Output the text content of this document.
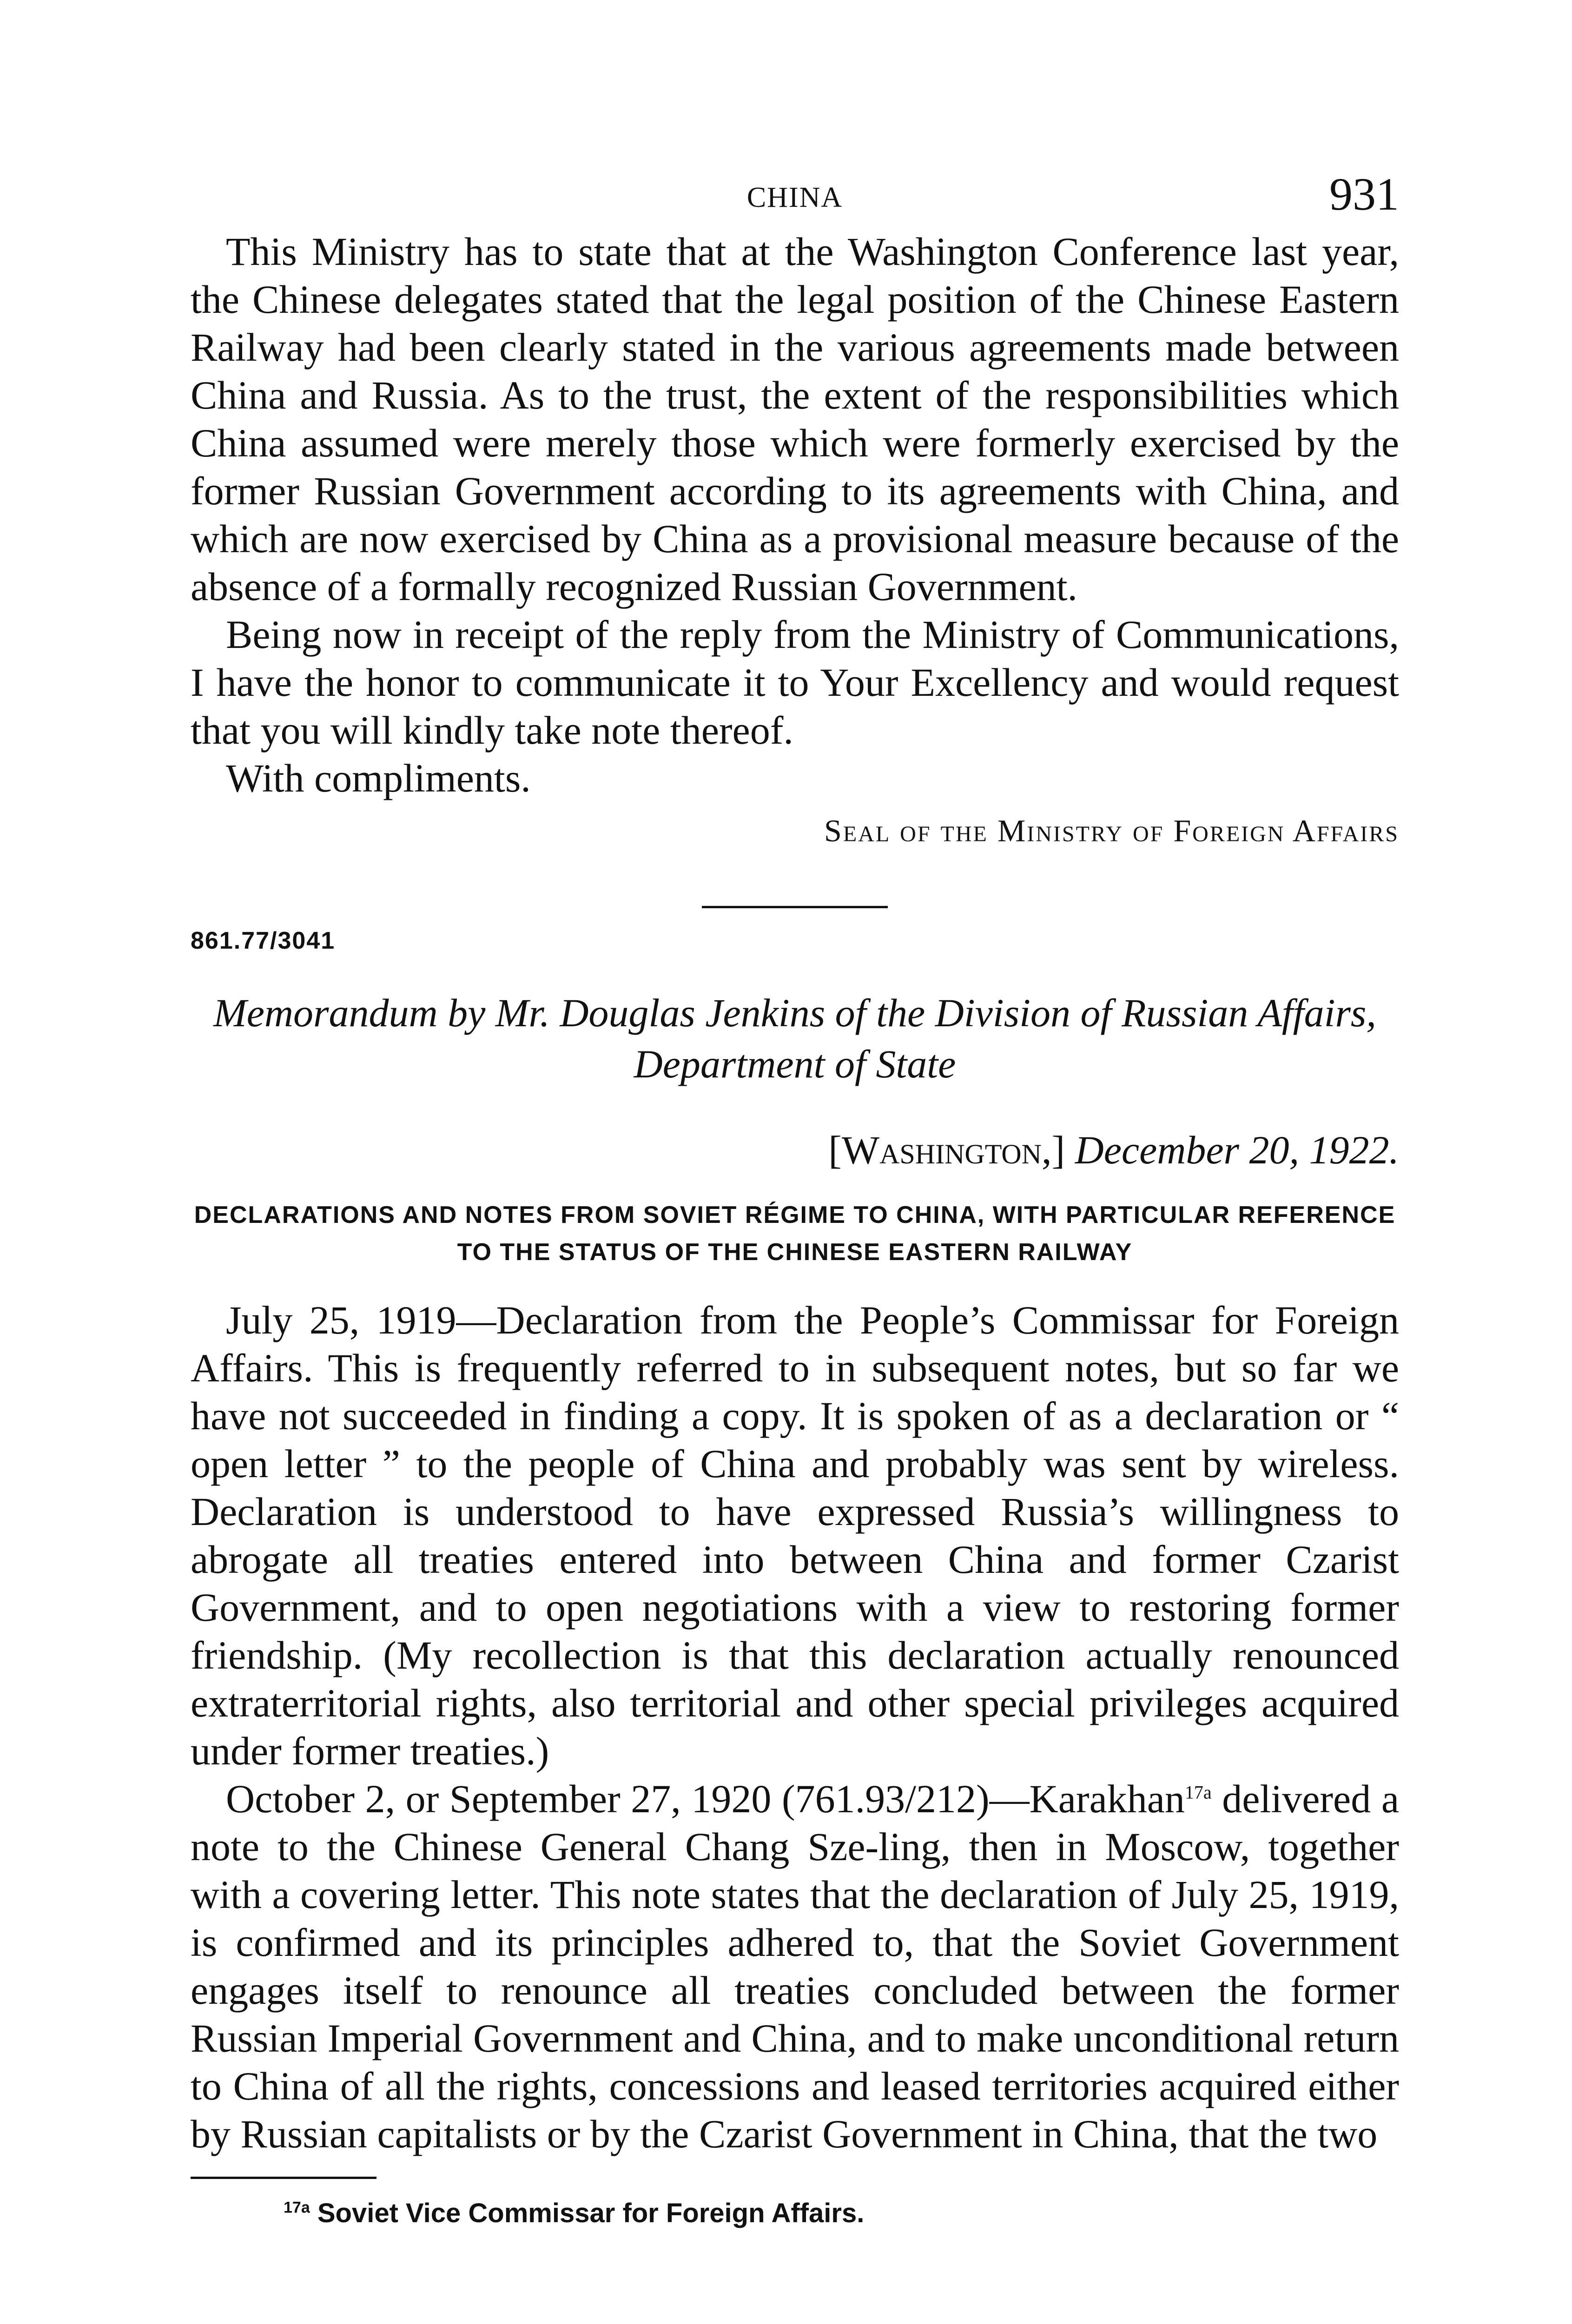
CHINA	931

This Ministry has to state that at the Washington Conference last year, the Chinese delegates stated that the legal position of the Chinese Eastern Railway had been clearly stated in the various agreements made between China and Russia. As to the trust, the extent of the responsibilities which China assumed were merely those which were formerly exercised by the former Russian Government according to its agreements with China, and which are now exercised by China as a provisional measure because of the absence of a formally recognized Russian Government.

Being now in receipt of the reply from the Ministry of Communications, I have the honor to communicate it to Your Excellency and would request that you will kindly take note thereof.

With compliments.

Seal of the Ministry of Foreign Affairs
861.77/3041
Memorandum by Mr. Douglas Jenkins of the Division of Russian Affairs, Department of State
[Washington,] December 20, 1922.
DECLARATIONS AND NOTES FROM SOVIET RÉGIME TO CHINA, WITH PARTICULAR REFERENCE TO THE STATUS OF THE CHINESE EASTERN RAILWAY

July 25, 1919—Declaration from the People’s Commissar for Foreign Affairs. This is frequently referred to in subsequent notes, but so far we have not succeeded in finding a copy. It is spoken of as a declaration or “ open letter ” to the people of China and probably was sent by wireless. Declaration is understood to have expressed Russia’s willingness to abrogate all treaties entered into between China and former Czarist Government, and to open negotiations with a view to restoring former friendship. (My recollection is that this declaration actually renounced extraterritorial rights, also territorial and other special privileges acquired under former treaties.)

October 2, or September 27, 1920 (761.93/212)—Karakhan$^{17a}$ delivered a note to the Chinese General Chang Sze-ling, then in Moscow, together with a covering letter. This note states that the declaration of July 25, 1919, is confirmed and its principles adhered to, that the Soviet Government engages itself to renounce all treaties concluded between the former Russian Imperial Government and China, and to make unconditional return to China of all the rights, concessions and leased territories acquired either by Russian capitalists or by the Czarist Government in China, that the two

$^{17a}$ Soviet Vice Commissar for Foreign Affairs.
